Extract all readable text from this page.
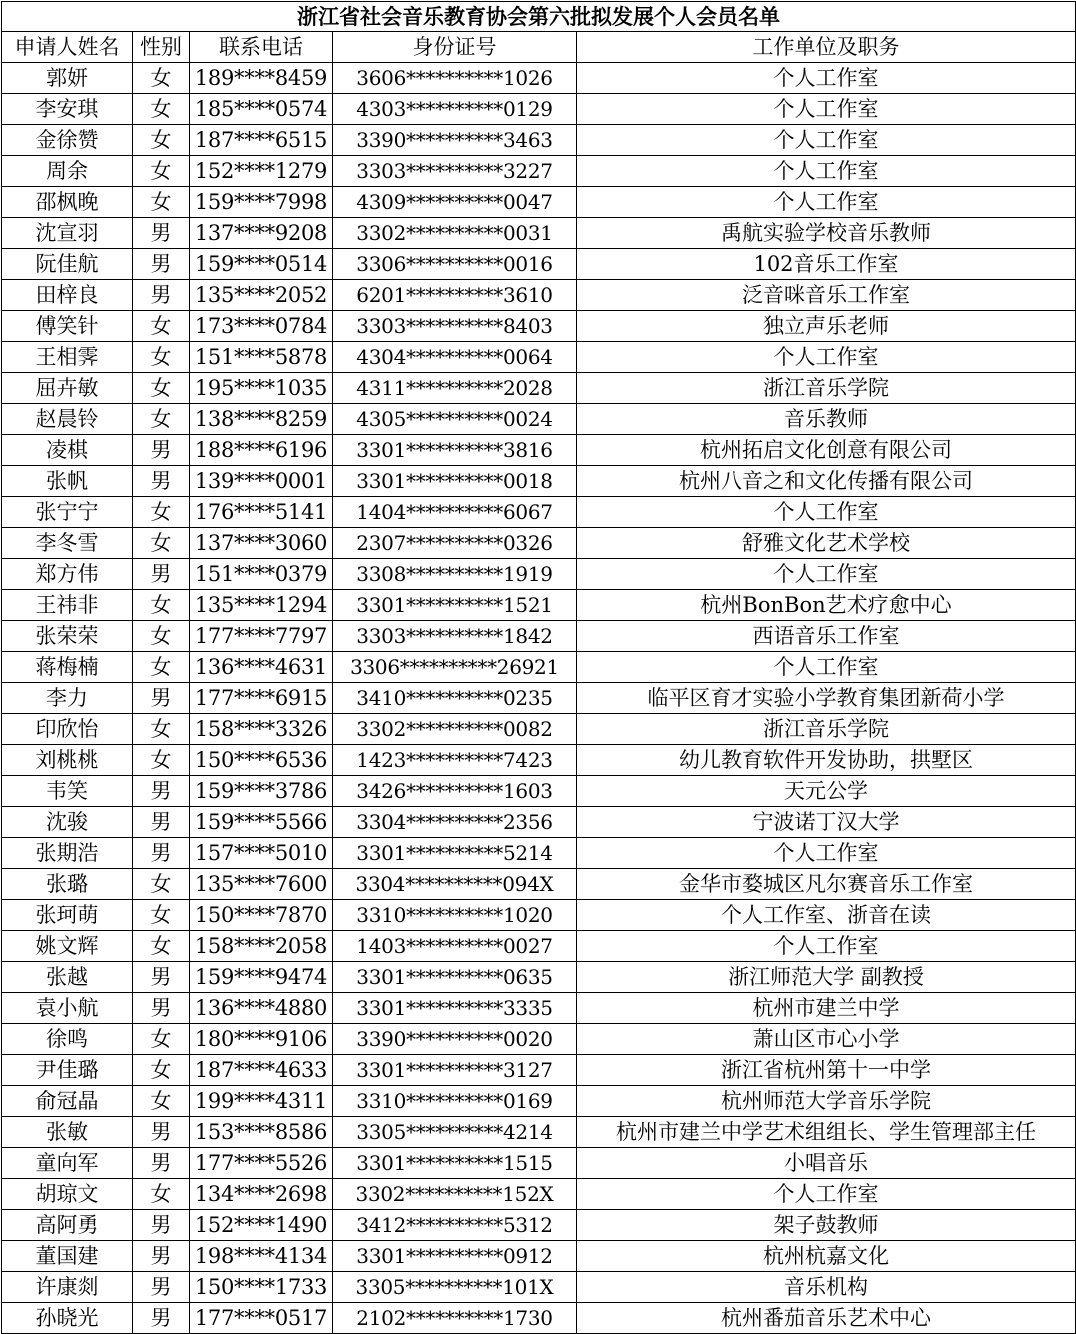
浙江省社会音乐教育协会第六批拟发展个人会员名单				
申请人姓名	性别	联系电话	身份证号	工作单位及职务
郭妍	女	189****8459	3606**********1026	个人工作室
李安琪	女	185****0574	4303**********0129	个人工作室
金徐赞	女	187****6515	3390**********3463	个人工作室
周余	女	152****1279	3303**********3227	个人工作室
邵枫晚	女	159****7998	4309**********0047	个人工作室
沈宣羽	男	137****9208	3302**********0031	禹航实验学校音乐教师
阮佳航	男	159****0514	3306**********0016	102音乐工作室
田梓良	男	135****2052	6201**********3610	泛音咪音乐工作室
傅笑针	女	173****0784	3303**********8403	独立声乐老师
王相霁	女	151****5878	4304**********0064	个人工作室
屈卉敏	女	195****1035	4311**********2028	浙江音乐学院
赵晨铃	女	138****8259	4305**********0024	音乐教师
凌棋	男	188****6196	3301**********3816	杭州拓启文化创意有限公司
张帆	男	139****0001	3301**********0018	杭州八音之和文化传播有限公司
张宁宁	女	176****5141	1404**********6067	个人工作室
李冬雪	女	137****3060	2307**********0326	舒雅文化艺术学校
郑方伟	男	151****0379	3308**********1919	个人工作室
王祎非	女	135****1294	3301**********1521	杭州BonBon艺术疗愈中心
张荣荣	女	177****7797	3303**********1842	西语音乐工作室
蒋梅楠	女	136****4631	3306**********26921	个人工作室
李力	男	177****6915	3410**********0235	临平区育才实验小学教育集团新荷小学
印欣怡	女	158****3326	3302**********0082	浙江音乐学院
刘桃桃	女	150****6536	1423**********7423	幼儿教育软件开发协助，拱墅区
韦笑	男	159****3786	3426**********1603	天元公学
沈骏	男	159****5566	3304**********2356	宁波诺丁汉大学
张期浩	男	157****5010	3301**********5214	个人工作室
张璐	女	135****7600	3304**********094X	金华市婺城区凡尔赛音乐工作室
张珂萌	女	150****7870	3310**********1020	个人工作室、浙音在读
姚文辉	女	158****2058	1403**********0027	个人工作室
张越	男	159****9474	3301**********0635	浙江师范大学 副教授
袁小航	男	136****4880	3301**********3335	杭州市建兰中学
徐鸣	女	180****9106	3390**********0020	萧山区市心小学
尹佳璐	女	187****4633	3301**********3127	浙江省杭州第十一中学
俞冠晶	女	199****4311	3310**********0169	杭州师范大学音乐学院
张敏	男	153****8586	3305**********4214	杭州市建兰中学艺术组组长、学生管理部主任
童向军	男	177****5526	3301**********1515	小唱音乐
胡琼文	女	134****2698	3302**********152X	个人工作室
高阿勇	男	152****1490	3412**********5312	架子鼓教师
董国建	男	198****4134	3301**********0912	杭州杭嘉文化
许康剡	男	150****1733	3305**********101X	音乐机构
孙晓光	男	177****0517	2102**********1730	杭州番茄音乐艺术中心
